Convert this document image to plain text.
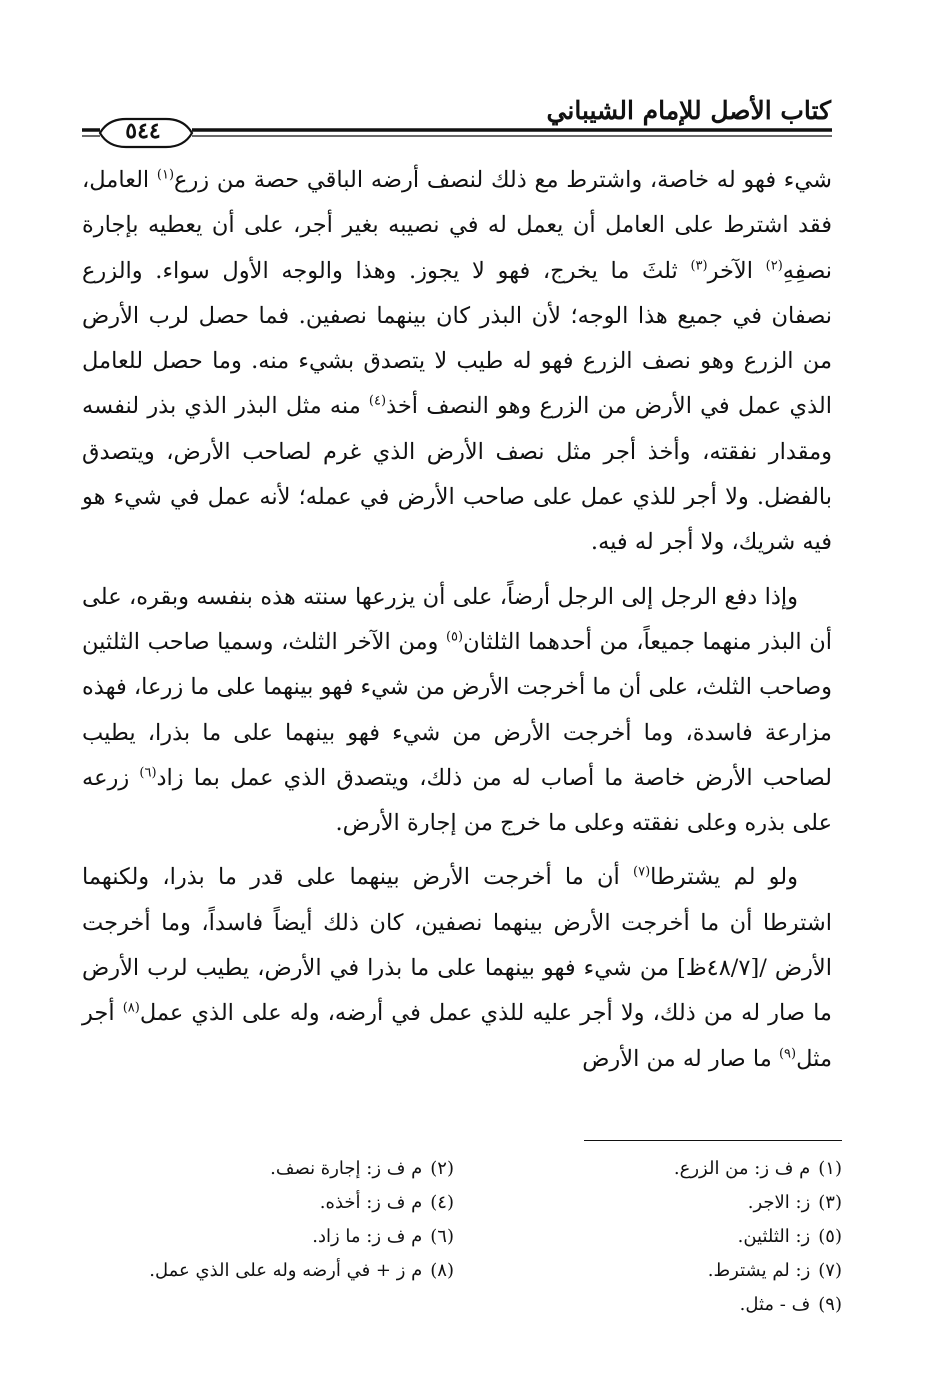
كتاب الأصل للإمام الشيباني
٥٤٤

شيء فهو له خاصة، واشترط مع ذلك لنصف أرضه الباقي حصة من زرع$^{(١)}$ العامل، فقد اشترط على العامل أن يعمل له في نصيبه بغير أجر، على أن يعطيه بإجارة نصفِهِ$^{(٢)}$ الآخر$^{(٣)}$ ثلثَ ما يخرج، فهو لا يجوز. وهذا والوجه الأول سواء. والزرع نصفان في جميع هذا الوجه؛ لأن البذر كان بينهما نصفين. فما حصل لرب الأرض من الزرع وهو نصف الزرع فهو له طيب لا يتصدق بشيء منه. وما حصل للعامل الذي عمل في الأرض من الزرع وهو النصف أخذ$^{(٤)}$ منه مثل البذر الذي بذر لنفسه ومقدار نفقته، وأخذ أجر مثل نصف الأرض الذي غرم لصاحب الأرض، ويتصدق بالفضل. ولا أجر للذي عمل على صاحب الأرض في عمله؛ لأنه عمل في شيء هو فيه شريك، ولا أجر له فيه.

وإذا دفع الرجل إلى الرجل أرضاً، على أن يزرعها سنته هذه بنفسه وبقره، على أن البذر منهما جميعاً، من أحدهما الثلثان$^{(٥)}$ ومن الآخر الثلث، وسميا صاحب الثلثين وصاحب الثلث، على أن ما أخرجت الأرض من شيء فهو بينهما على ما زرعا، فهذه مزارعة فاسدة، وما أخرجت الأرض من شيء فهو بينهما على ما بذرا، يطيب لصاحب الأرض خاصة ما أصاب له من ذلك، ويتصدق الذي عمل بما زاد$^{(٦)}$ زرعه على بذره وعلى نفقته وعلى ما خرج من إجارة الأرض.

ولو لم يشترطا$^{(٧)}$ أن ما أخرجت الأرض بينهما على قدر ما بذرا، ولكنهما اشترطا أن ما أخرجت الأرض بينهما نصفين، كان ذلك أيضاً فاسداً، وما أخرجت الأرض /[٤٨/٧ظ] من شيء فهو بينهما على ما بذرا في الأرض، يطيب لرب الأرض ما صار له من ذلك، ولا أجر عليه للذي عمل في أرضه، وله على الذي عمل$^{(٨)}$ أجر مثل$^{(٩)}$ ما صار له من الأرض

(١)م ف ز: من الزرع.
(٣)ز: الاجر.
(٥)ز: الثلثين.
(٧)ز: لم يشترط.
(٩)ف - مثل.
(٢)م ف ز: إجارة نصف.
(٤)م ف ز: أخذه.
(٦)م ف ز: ما زاد.
(٨)م ز + في أرضه وله على الذي عمل.
